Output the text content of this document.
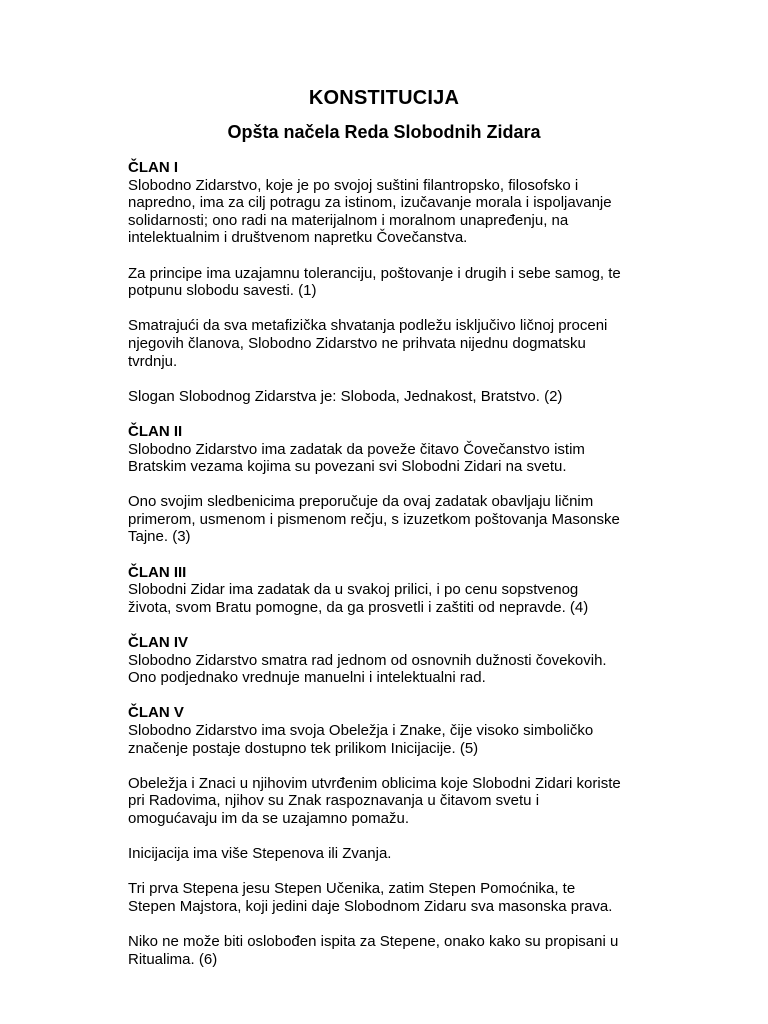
KONSTITUCIJA
Opšta načela Reda Slobodnih Zidara
ČLAN I
Slobodno Zidarstvo, koje je po svojoj suštini filantropsko, filosofsko i
napredno, ima za cilj potragu za istinom, izučavanje morala i ispoljavanje
solidarnosti; ono radi na materijalnom i moralnom unapređenju, na
intelektualnim i društvenom napretku Čovečanstva.
Za principe ima uzajamnu toleranciju, poštovanje i drugih i sebe samog, te
potpunu slobodu savesti. (1)
Smatrajući da sva metafizička shvatanja podležu isključivo ličnoj proceni
njegovih članova, Slobodno Zidarstvo ne prihvata nijednu dogmatsku
tvrdnju.
Slogan Slobodnog Zidarstva je: Sloboda, Jednakost, Bratstvo. (2)
ČLAN II
Slobodno Zidarstvo ima zadatak da poveže čitavo Čovečanstvo istim
Bratskim vezama kojima su povezani svi Slobodni Zidari na svetu.
Ono svojim sledbenicima preporučuje da ovaj zadatak obavljaju ličnim
primerom, usmenom i pismenom rečju, s izuzetkom poštovanja Masonske
Tajne. (3)
ČLAN III
Slobodni Zidar ima zadatak da u svakoj prilici, i po cenu sopstvenog
života, svom Bratu pomogne, da ga prosvetli i zaštiti od nepravde. (4)
ČLAN IV
Slobodno Zidarstvo smatra rad jednom od osnovnih dužnosti čovekovih.
Ono podjednako vrednuje manuelni i intelektualni rad.
ČLAN V
Slobodno Zidarstvo ima svoja Obeležja i Znake, čije visoko simboličko
značenje postaje dostupno tek prilikom Inicijacije. (5)
Obeležja i Znaci u njihovim utvrđenim oblicima koje Slobodni Zidari koriste
pri Radovima, njihov su Znak raspoznavanja u čitavom svetu i
omogućavaju im da se uzajamno pomažu.
Inicijacija ima više Stepenova ili Zvanja.
Tri prva Stepena jesu Stepen Učenika, zatim Stepen Pomoćnika, te
Stepen Majstora, koji jedini daje Slobodnom Zidaru sva masonska prava.
Niko ne može biti oslobođen ispita za Stepene, onako kako su propisani u
Ritualima. (6)
